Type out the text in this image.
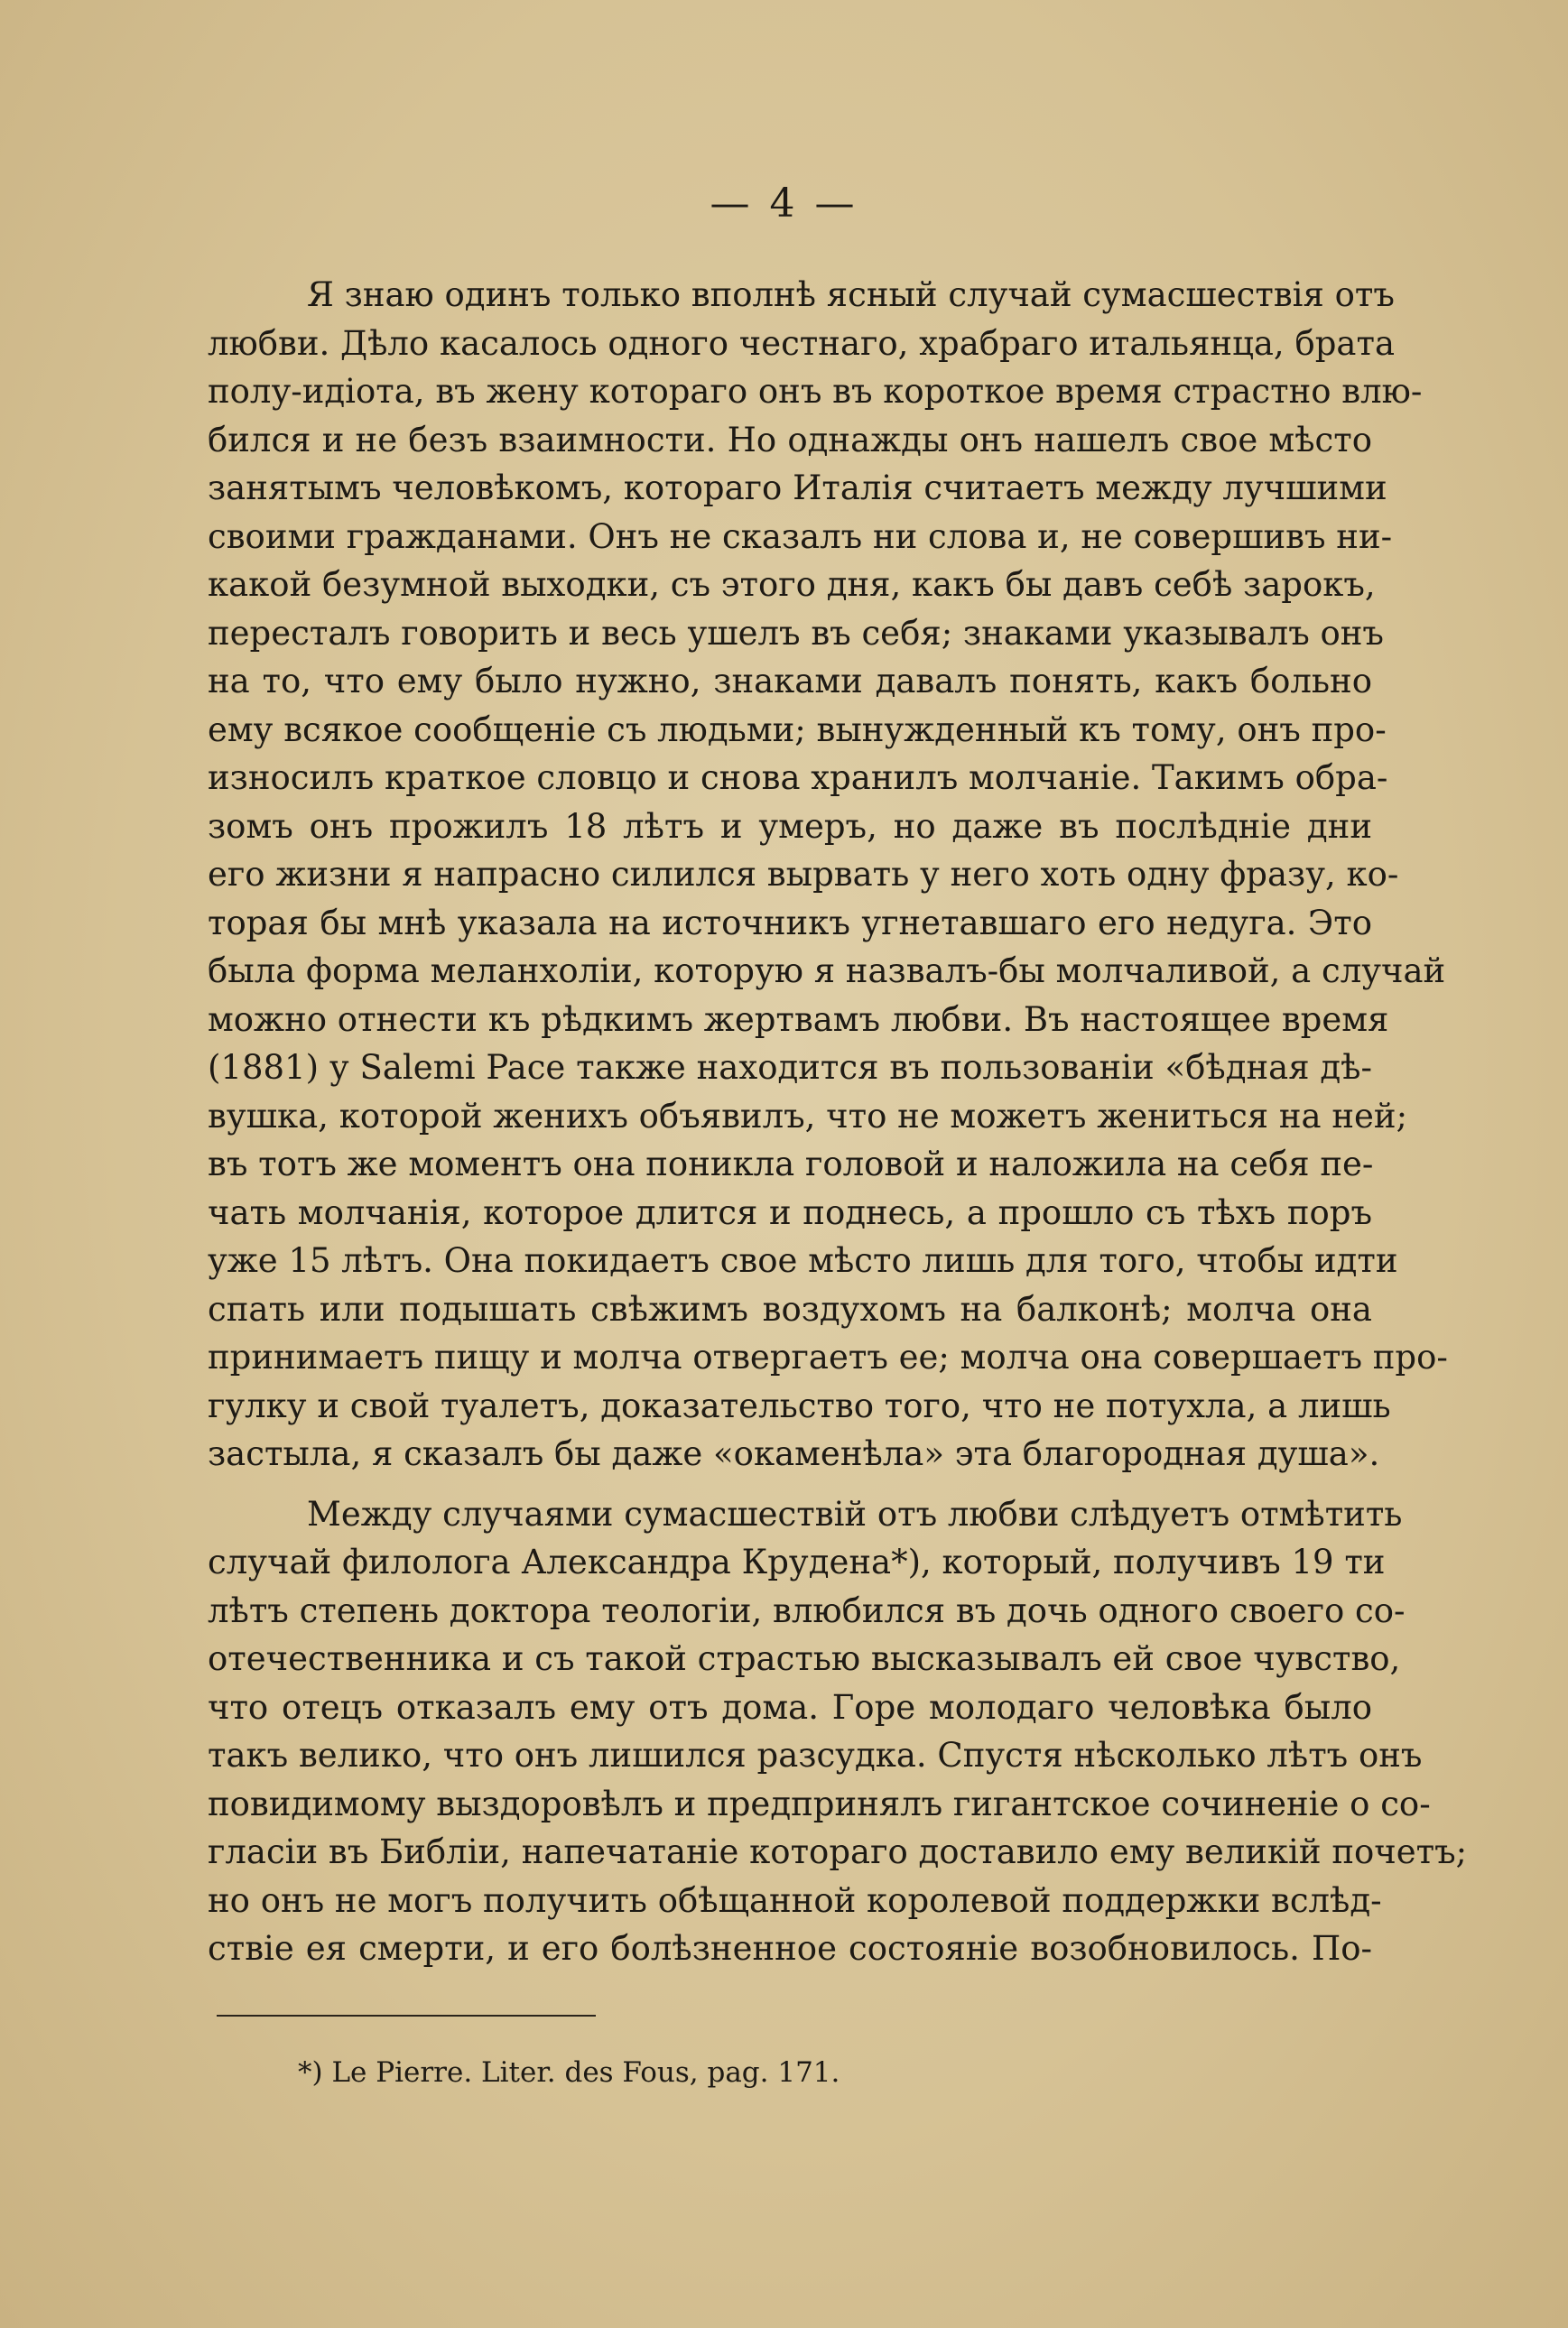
— 4 —
Я знаю одинъ только вполнѣ ясный случай сумасшествія отъ
любви. Дѣло касалось одного честнаго, храбраго итальянца, брата
полу-идіота, въ жену котораго онъ въ короткое время страстно влю-
бился и не безъ взаимности. Но однажды онъ нашелъ свое мѣсто
занятымъ человѣкомъ, котораго Италія считаетъ между лучшими
своими гражданами. Онъ не сказалъ ни слова и, не совершивъ ни-
какой безумной выходки, съ этого дня, какъ бы давъ себѣ зарокъ,
пересталъ говорить и весь ушелъ въ себя; знаками указывалъ онъ
на то, что ему было нужно, знаками давалъ понять, какъ больно
ему всякое сообщеніе съ людьми; вынужденный къ тому, онъ про-
износилъ краткое словцо и снова хранилъ молчаніе. Такимъ обра-
зомъ онъ прожилъ 18 лѣтъ и умеръ, но даже въ послѣдніе дни
его жизни я напрасно силился вырвать у него хоть одну фразу, ко-
торая бы мнѣ указала на источникъ угнетавшаго его недуга. Это
была форма меланхоліи, которую я назвалъ-бы молчаливой, а случай
можно отнести къ рѣдкимъ жертвамъ любви. Въ настоящее время
(1881) у Salemi Pace также находится въ пользованіи «бѣдная дѣ-
вушка, которой женихъ объявилъ, что не можетъ жениться на ней;
въ тотъ же моментъ она поникла головой и наложила на себя пе-
чать молчанія, которое длится и поднесь, а прошло съ тѣхъ поръ
уже 15 лѣтъ. Она покидаетъ свое мѣсто лишь для того, чтобы идти
спать или подышать свѣжимъ воздухомъ на балконѣ; молча она
принимаетъ пищу и молча отвергаетъ ее; молча она совершаетъ про-
гулку и свой туалетъ, доказательство того, что не потухла, а лишь
застыла, я сказалъ бы даже «окаменѣла» эта благородная душа».
Между случаями сумасшествій отъ любви слѣдуетъ отмѣтить
случай филолога Александра Крудена*), который, получивъ 19 ти
лѣтъ степень доктора теологіи, влюбился въ дочь одного своего со-
отечественника и съ такой страстью высказывалъ ей свое чувство,
что отецъ отказалъ ему отъ дома. Горе молодаго человѣка было
такъ велико, что онъ лишился разсудка. Спустя нѣсколько лѣтъ онъ
повидимому выздоровѣлъ и предпринялъ гигантское сочиненіе о со-
гласіи въ Библіи, напечатаніе котораго доставило ему великій почетъ;
но онъ не могъ получить обѣщанной королевой поддержки вслѣд-
ствіе ея смерти, и его болѣзненное состояніе возобновилось. По-
*) Le Pierre. Liter. des Fous, pag. 171.
